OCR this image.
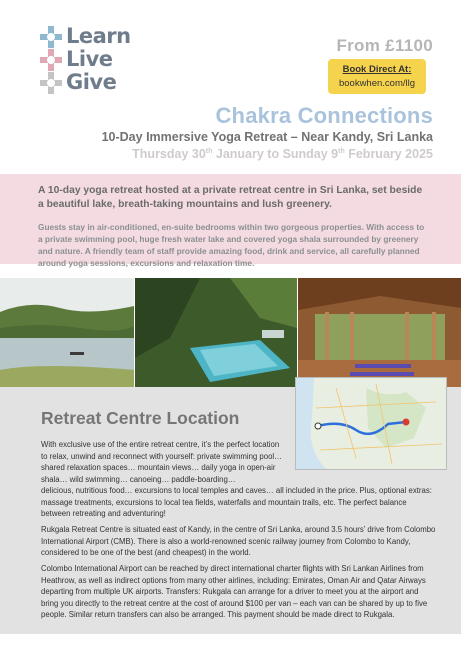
Learn
Live
Give
From £1100
Book Direct At:
bookwhen.com/llg
Chakra Connections
10-Day Immersive Yoga Retreat – Near Kandy, Sri Lanka
Thursday 30th January to Sunday 9th February 2025
A 10-day yoga retreat hosted at a private retreat centre in Sri Lanka, set beside a beautiful lake, breath-taking mountains and lush greenery.
Guests stay in air-conditioned, en-suite bedrooms within two gorgeous properties. With access to a private swimming pool, huge fresh water lake and covered yoga shala surrounded by greenery and nature. A friendly team of staff provide amazing food, drink and service, all carefully planned around yoga sessions, excursions and relaxation time.
Retreat Centre Location

With exclusive use of the entire retreat centre, it’s the perfect location to relax, unwind and reconnect with yourself: private swimming pool… shared relaxation spaces… mountain views… daily yoga in open-air shala… wild swimming… canoeing… paddle-boarding…
delicious, nutritious food… excursions to local temples and caves… all included in the price. Plus, optional extras: massage treatments, excursions to local tea fields, waterfalls and mountain trails, etc. The perfect balance between retreating and adventuring!

Rukgala Retreat Centre is situated east of Kandy, in the centre of Sri Lanka, around 3.5 hours’ drive from Colombo International Airport (CMB). There is also a world-renowned scenic railway journey from Colombo to Kandy, considered to be one of the best (and cheapest) in the world.

Colombo International Airport can be reached by direct international charter flights with Sri Lankan Airlines from Heathrow, as well as indirect options from many other airlines, including: Emirates, Oman Air and Qatar Airways departing from multiple UK airports. Transfers: Rukgala can arrange for a driver to meet you at the airport and bring you directly to the retreat centre at the cost of around $100 per van – each van can be shared by up to five people. Similar return transfers can also be arranged. This payment should be made direct to Rukgala.
